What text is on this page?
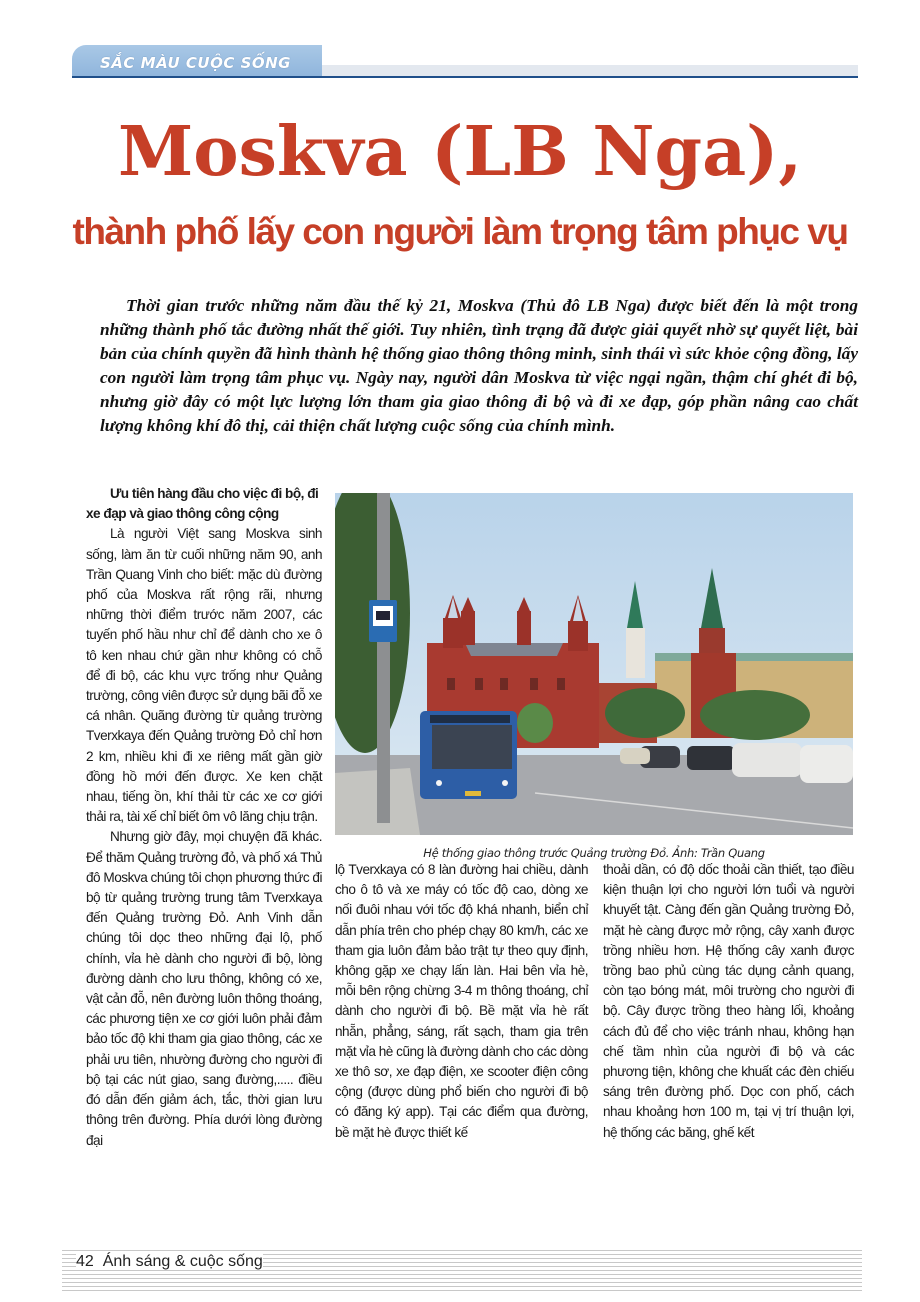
SẮC MÀU CUỘC SỐNG
Moskva (LB Nga),
thành phố lấy con người làm trọng tâm phục vụ
Thời gian trước những năm đầu thế kỷ 21, Moskva (Thủ đô LB Nga) được biết đến là một trong những thành phố tắc đường nhất thế giới. Tuy nhiên, tình trạng đã được giải quyết nhờ sự quyết liệt, bài bản của chính quyền đã hình thành hệ thống giao thông thông minh, sinh thái vì sức khỏe cộng đồng, lấy con người làm trọng tâm phục vụ. Ngày nay, người dân Moskva từ việc ngại ngần, thậm chí ghét đi bộ, nhưng giờ đây có một lực lượng lớn tham gia giao thông đi bộ và đi xe đạp, góp phần nâng cao chất lượng không khí đô thị, cải thiện chất lượng cuộc sống của chính mình.
Ưu tiên hàng đầu cho việc đi bộ, đi xe đạp và giao thông công cộng

Là người Việt sang Moskva sinh sống, làm ăn từ cuối những năm 90, anh Trần Quang Vinh cho biết: mặc dù đường phố của Moskva rất rộng rãi, nhưng những thời điểm trước năm 2007, các tuyến phố hầu như chỉ để dành cho xe ô tô ken nhau chứ gần như không có chỗ để đi bộ, các khu vực trống như Quảng trường, công viên được sử dụng bãi đỗ xe cá nhân. Quãng đường từ quảng trường Tverxkaya đến Quảng trường Đỏ chỉ hơn 2 km, nhiều khi đi xe riêng mất gần giờ đồng hồ mới đến được. Xe ken chặt nhau, tiếng ồn, khí thải từ các xe cơ giới thải ra, tài xế chỉ biết ôm vô lăng chịu trận.

Nhưng giờ đây, mọi chuyện đã khác. Để thăm Quảng trường đỏ, và phố xá Thủ đô Moskva chúng tôi chọn phương thức đi bộ từ quảng trường trung tâm Tverxkaya đến Quảng trường Đỏ. Anh Vinh dẫn chúng tôi dọc theo những đại lộ, phố chính, vỉa hè dành cho người đi bộ, lòng đường dành cho lưu thông, không có xe, vật cản đỗ, nên đường luôn thông thoáng, các phương tiện xe cơ giới luôn phải đảm bảo tốc độ khi tham gia giao thông, các xe phải ưu tiên, nhường đường cho người đi bộ tại các nút giao, sang đường,..... điều đó dẫn đến giảm ách, tắc, thời gian lưu thông trên đường. Phía dưới lòng đường đại

Hệ thống giao thông trước Quảng trường Đỏ. Ảnh: Trần Quang

lộ Tverxkaya có 8 làn đường hai chiều, dành cho ô tô và xe máy có tốc độ cao, dòng xe nối đuôi nhau với tốc độ khá nhanh, biển chỉ dẫn phía trên cho phép chạy 80 km/h, các xe tham gia luôn đảm bảo trật tự theo quy định, không gặp xe chạy lấn làn. Hai bên vỉa hè, mỗi bên rộng chừng 3-4 m thông thoáng, chỉ dành cho người đi bộ. Bề mặt vỉa hè rất nhẵn, phẳng, sáng, rất sạch, tham gia trên mặt vỉa hè cũng là đường dành cho các dòng xe thô sơ, xe đạp điện, xe scooter điện công cộng (được dùng phổ biến cho người đi bộ có đăng ký app). Tại các điểm qua đường, bề mặt hè được thiết kế

thoải dần, có độ dốc thoải cần thiết, tạo điều kiện thuận lợi cho người lớn tuổi và người khuyết tật. Càng đến gần Quảng trường Đỏ, mặt hè càng được mở rộng, cây xanh được trồng nhiều hơn. Hệ thống cây xanh được trồng bao phủ cùng tác dụng cảnh quang, còn tạo bóng mát, môi trường cho người đi bộ. Cây được trồng theo hàng lối, khoảng cách đủ để cho việc tránh nhau, không hạn chế tầm nhìn của người đi bộ và các phương tiện, không che khuất các đèn chiếu sáng trên đường phố. Dọc con phố, cách nhau khoảng hơn 100 m, tại vị trí thuận lợi, hệ thống các băng, ghế kết

42 Ánh sáng & cuộc sống
